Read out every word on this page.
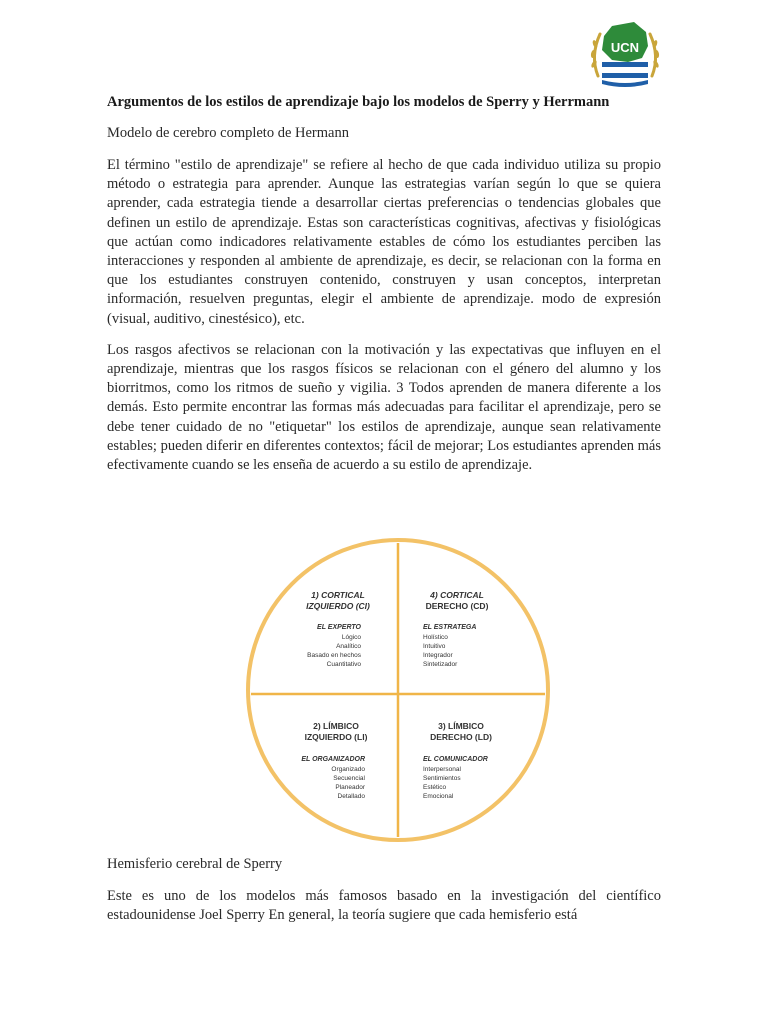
UCN

Argumentos de los estilos de aprendizaje bajo los modelos de Sperry y Herrmann

Modelo de cerebro completo de Hermann

El término "estilo de aprendizaje" se refiere al hecho de que cada individuo utiliza su propio método o estrategia para aprender. Aunque las estrategias varían según lo que se quiera aprender, cada estrategia tiende a desarrollar ciertas preferencias o tendencias globales que definen un estilo de aprendizaje. Estas son características cognitivas, afectivas y fisiológicas que actúan como indicadores relativamente estables de cómo los estudiantes perciben las interacciones y responden al ambiente de aprendizaje, es decir, se relacionan con la forma en que los estudiantes construyen contenido, construyen y usan conceptos, interpretan información, resuelven preguntas, elegir el ambiente de aprendizaje. modo de expresión (visual, auditivo, cinestésico), etc.

Los rasgos afectivos se relacionan con la motivación y las expectativas que influyen en el aprendizaje, mientras que los rasgos físicos se relacionan con el género del alumno y los biorritmos, como los ritmos de sueño y vigilia. 3 Todos aprenden de manera diferente a los demás. Esto permite encontrar las formas más adecuadas para facilitar el aprendizaje, pero se debe tener cuidado de no "etiquetar" los estilos de aprendizaje, aunque sean relativamente estables; pueden diferir en diferentes contextos; fácil de mejorar; Los estudiantes aprenden más efectivamente cuando se les enseña de acuerdo a su estilo de aprendizaje.

1) CORTICAL
IZQUIERDO (CI)
EL EXPERTO
Lógico
Analítico
Basado en hechos
Cuantitativo
4) CORTICAL
DERECHO (CD)
EL ESTRATEGA
Holístico
Intuitivo
Integrador
Sintetizador
2) LÍMBICO
IZQUIERDO (LI)
EL ORGANIZADOR
Organizado
Secuencial
Planeador
Detallado
3) LÍMBICO
DERECHO (LD)
EL COMUNICADOR
Interpersonal
Sentimientos
Estético
Emocional

Hemisferio cerebral de Sperry

Este es uno de los modelos más famosos basado en la investigación del científico estadounidense Joel Sperry En general, la teoría sugiere que cada hemisferio está
